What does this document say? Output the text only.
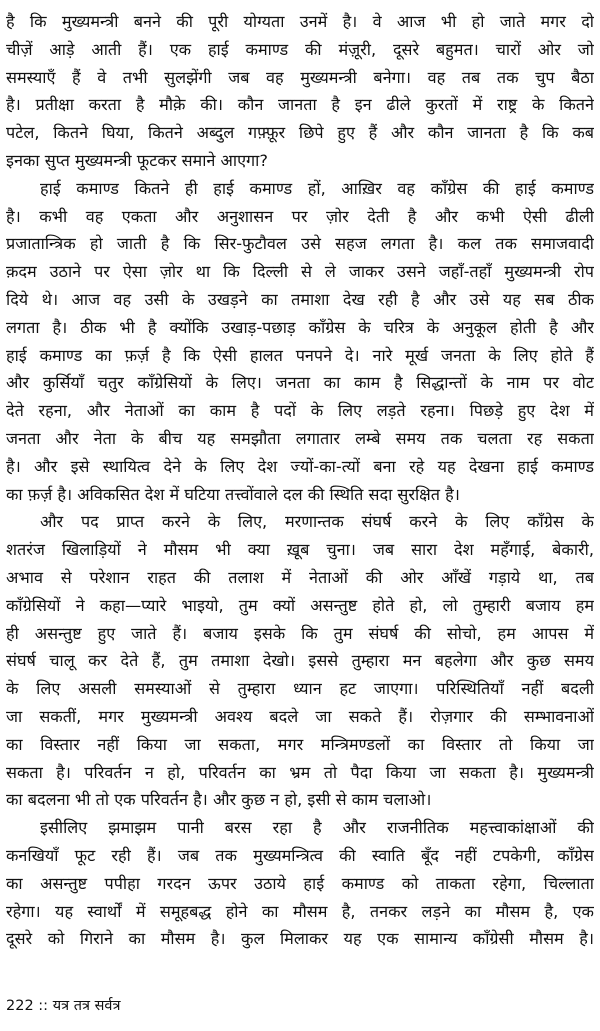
है कि मुख्यमन्त्री बनने की पूरी योग्यता उनमें है। वे आज भी हो जाते मगर दो
चीज़ें आड़े आती हैं। एक हाई कमाण्ड की मंज़ूरी, दूसरे बहुमत। चारों ओर जो
समस्याएँ हैं वे तभी सुलझेंगी जब वह मुख्यमन्त्री बनेगा। वह तब तक चुप बैठा
है। प्रतीक्षा करता है मौक़े की। कौन जानता है इन ढीले कुरतों में राष्ट्र के कितने
पटेल, कितने घिया, कितने अब्दुल गफ़्फ़ूर छिपे हुए हैं और कौन जानता है कि कब
इनका सुप्त मुख्यमन्त्री फूटकर समाने आएगा?
हाई कमाण्ड कितने ही हाई कमाण्ड हों, आख़िर वह काँग्रेस की हाई कमाण्ड
है। कभी वह एकता और अनुशासन पर ज़ोर देती है और कभी ऐसी ढीली
प्रजातान्त्रिक हो जाती है कि सिर-फुटौवल उसे सहज लगता है। कल तक समाजवादी
क़दम उठाने पर ऐसा ज़ोर था कि दिल्ली से ले जाकर उसने जहाँ-तहाँ मुख्यमन्त्री रोप
दिये थे। आज वह उसी के उखड़ने का तमाशा देख रही है और उसे यह सब ठीक
लगता है। ठीक भी है क्योंकि उखाड़-पछाड़ काँग्रेस के चरित्र के अनुकूल होती है और
हाई कमाण्ड का फ़र्ज़ है कि ऐसी हालत पनपने दे। नारे मूर्ख जनता के लिए होते हैं
और कुर्सियाँ चतुर काँग्रेसियों के लिए। जनता का काम है सिद्धान्तों के नाम पर वोट
देते रहना, और नेताओं का काम है पदों के लिए लड़ते रहना। पिछड़े हुए देश में
जनता और नेता के बीच यह समझौता लगातार लम्बे समय तक चलता रह सकता
है। और इसे स्थायित्व देने के लिए देश ज्यों-का-त्यों बना रहे यह देखना हाई कमाण्ड
का फ़र्ज़ है। अविकसित देश में घटिया तत्त्वोंवाले दल की स्थिति सदा सुरक्षित है।
और पद प्राप्त करने के लिए, मरणान्तक संघर्ष करने के लिए काँग्रेस के
शतरंज खिलाड़ियों ने मौसम भी क्या ख़ूब चुना। जब सारा देश महँगाई, बेकारी,
अभाव से परेशान राहत की तलाश में नेताओं की ओर आँखें गड़ाये था, तब
काँग्रेसियों ने कहा—प्यारे भाइयो, तुम क्यों असन्तुष्ट होते हो, लो तुम्हारी बजाय हम
ही असन्तुष्ट हुए जाते हैं। बजाय इसके कि तुम संघर्ष की सोचो, हम आपस में
संघर्ष चालू कर देते हैं, तुम तमाशा देखो। इससे तुम्हारा मन बहलेगा और कुछ समय
के लिए असली समस्याओं से तुम्हारा ध्यान हट जाएगा। परिस्थितियाँ नहीं बदली
जा सकतीं, मगर मुख्यमन्त्री अवश्य बदले जा सकते हैं। रोज़गार की सम्भावनाओं
का विस्तार नहीं किया जा सकता, मगर मन्त्रिमण्डलों का विस्तार तो किया जा
सकता है। परिवर्तन न हो, परिवर्तन का भ्रम तो पैदा किया जा सकता है। मुख्यमन्त्री
का बदलना भी तो एक परिवर्तन है। और कुछ न हो, इसी से काम चलाओ।
इसीलिए झमाझम पानी बरस रहा है और राजनीतिक महत्त्वाकांक्षाओं की
कनखियाँ फूट रही हैं। जब तक मुख्यमन्त्रित्व की स्वाति बूँद नहीं टपकेगी, काँग्रेस
का असन्तुष्ट पपीहा गरदन ऊपर उठाये हाई कमाण्ड को ताकता रहेगा, चिल्लाता
रहेगा। यह स्वार्थों में समूहबद्ध होने का मौसम है, तनकर लड़ने का मौसम है, एक
दूसरे को गिराने का मौसम है। कुल मिलाकर यह एक सामान्य काँग्रेसी मौसम है।
222 :: यत्र तत्र सर्वत्र
